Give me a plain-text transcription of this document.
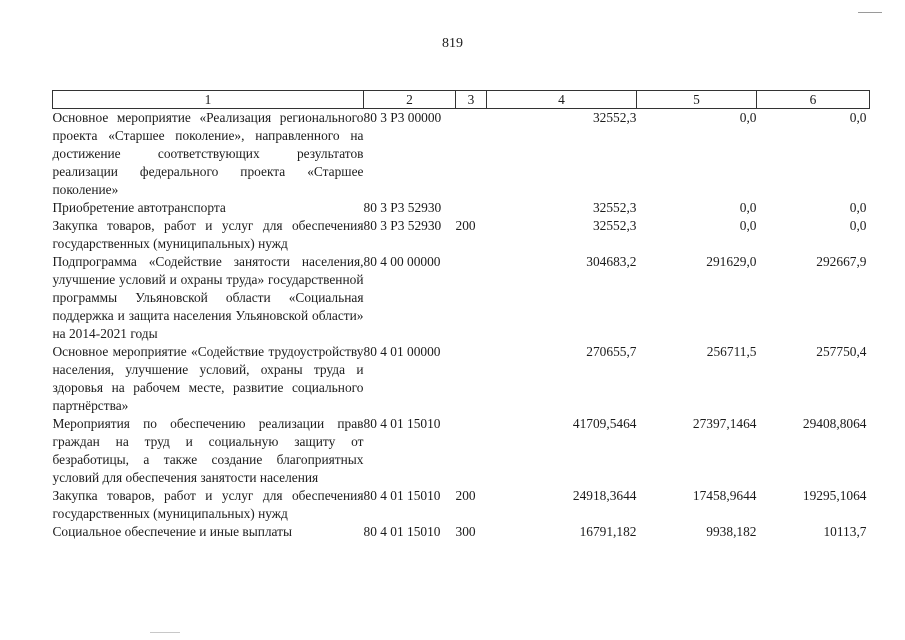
819
1	2	3	4	5	6
Основное мероприятие «Реализация регионального проекта «Старшее поколение», направленного на достижение соответствующих результатов реализации федерального проекта «Старшее поколение»	80 3 Р3 00000		32552,3	0,0	0,0
Приобретение автотранспорта	80 3 Р3 52930		32552,3	0,0	0,0
Закупка товаров, работ и услуг для обеспечения государственных (муниципальных) нужд	80 3 Р3 52930	200	32552,3	0,0	0,0
Подпрограмма «Содействие занятости населения, улучшение условий и охраны труда» государственной программы Ульяновской области «Социальная поддержка и защита населения Ульяновской области» на 2014-2021 годы	80 4 00 00000		304683,2	291629,0	292667,9
Основное мероприятие «Содействие трудоустройству населения, улучшение условий, охраны труда и здоровья на рабочем месте, развитие социального партнёрства»	80 4 01 00000		270655,7	256711,5	257750,4
Мероприятия по обеспечению реализации прав граждан на труд и социальную защиту от безработицы, а также создание благоприятных условий для обеспечения занятости населения	80 4 01 15010		41709,5464	27397,1464	29408,8064
Закупка товаров, работ и услуг для обеспечения государственных (муниципальных) нужд	80 4 01 15010	200	24918,3644	17458,9644	19295,1064
Социальное обеспечение и иные выплаты	80 4 01 15010	300	16791,182	9938,182	10113,7
